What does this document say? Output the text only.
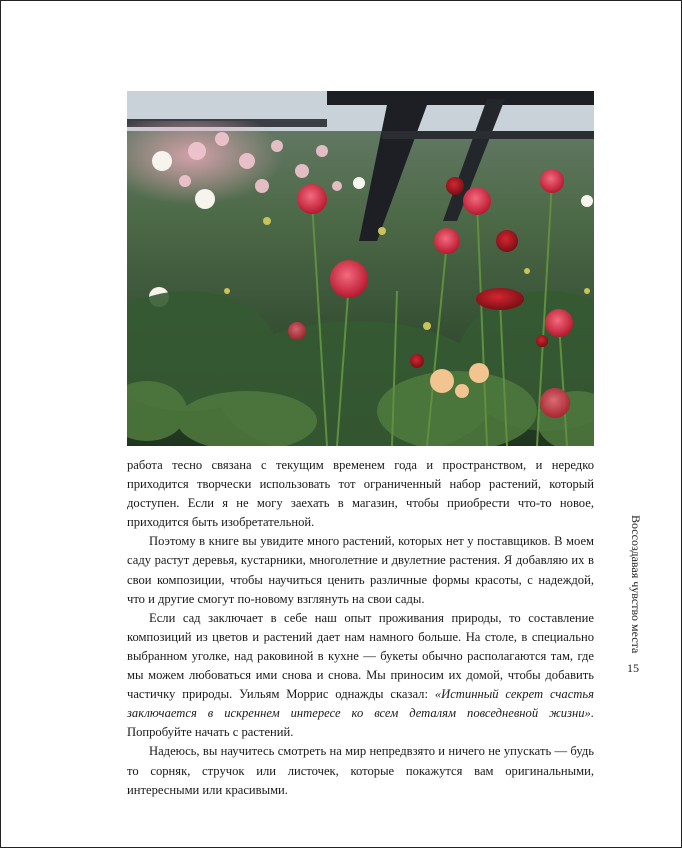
работа тесно связана с текущим временем года и пространством, и нередко приходится творчески использовать тот ограниченный набор растений, который доступен. Если я не могу заехать в магазин, чтобы приобрести что-то новое, приходится быть изобретательной.

Поэтому в книге вы увидите много растений, которых нет у поставщиков. В моем саду растут деревья, кустарники, многолетние и двулетние растения. Я добавляю их в свои композиции, чтобы научиться ценить различные формы красоты, с надеждой, что и другие смогут по-новому взглянуть на свои сады.

Если сад заключает в себе наш опыт проживания природы, то составление композиций из цветов и растений дает нам намного больше. На столе, в специально выбранном уголке, над раковиной в кухне — букеты обычно располагаются там, где мы можем любоваться ими снова и снова. Мы приносим их домой, чтобы добавить частичку природы. Уильям Моррис однажды сказал: «Истинный секрет счастья заключается в искреннем интересе ко всем деталям повседневной жизни». Попробуйте начать с растений.

Надеюсь, вы научитесь смотреть на мир непредвзято и ничего не упускать — будь то сорняк, стручок или листочек, которые покажутся вам оригинальными, интересными или красивыми.

Воссоздавая чувство места
15
